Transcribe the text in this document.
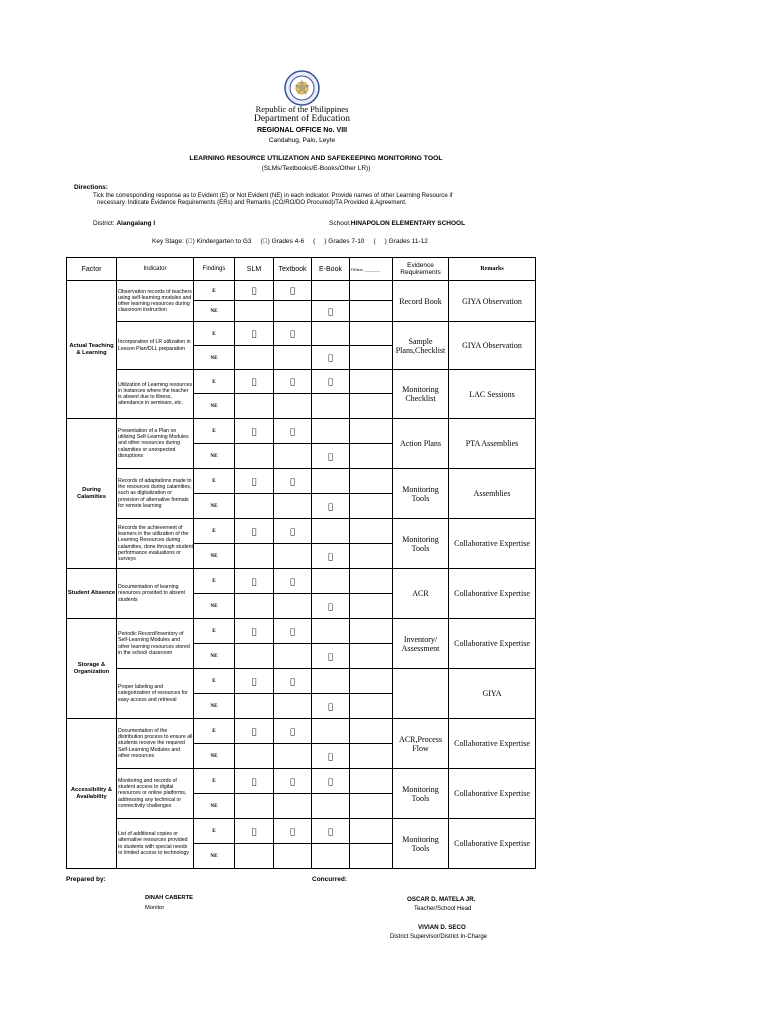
Republic of the Philippines
Department of Education
REGIONAL OFFICE No. VIII
Candahug, Palo, Leyte
LEARNING RESOURCE UTILIZATION AND SAFEKEEPING MONITORING TOOL
(SLMs/Textbooks/E-Books/Other LR))
Directions:
Tick the corresponding response as to Evident (E) or Not Evident (NE) in each indicator. Provide names of other Learning Resource if
necessary. Indicate Evidence Requirements (ERs) and Remarks (CO/RO/DO Procured)/TA Provided & Agreement.
District: Alangalang I	School:HINAPOLON ELEMENTARY SCHOOL
Key Stage: ( ) Kindergarten to G3     ( ) Grades 4-6     (     ) Grades 7-10     (     ) Grades 11-12
Factor	Indicator	Findings	SLM	Textbook	E-Book	Others _______	Evidence Requirements	Remarks
Actual Teaching & Learning	Observation records of teachers using self-learning modules and other learning resources during classroom instruction	E	 	 			Record Book	GIYA Observation
		NE			 			
	Incorporation of LR utilization in Lesson Plan/DLL preparation	E	 	 			Sample Plans,Checklist	GIYA Observation
		NE			 			
	Utilization of Learning resources in instances where the teacher is absent due to illness, attendance in seminars, etc.	E	 	 	 		Monitoring Checklist	LAC Sessions
		NE						
During Calamities	Presentation of a Plan on utilizing Self-Learning Modules and other resources during calamities or unexpected disruptions	E	 	 			Action Plans	PTA Assemblies
		NE			 			
	Records of adaptations made to the resources during calamities, such as digitalization or provision of alternative formats for remote learning	E	 	 			Monitoring Tools	Assemblies
		NE			 			
	Records the achievement of learners in the utilization of the Learning Resources during calamities, done through student performance evaluations or surveys	E	 	 			Monitoring Tools	Collaborative Expertise
		NE			 			
Student Absence	Documentation of learning resources provided to absent students	E	 	 			ACR	Collaborative Expertise
		NE			 			
Storage & Organization	Periodic Record/Inventory of Self-Learning Modules and other learning resources stored in the school classroom	E	 	 			Inventory/ Assessment	Collaborative Expertise
		NE			 			
	Proper labeling and categorization of resources for easy access and retrieval	E	 	 				GIYA
		NE			 			
Accessibility & Availability	Documentation of the distribution process to ensure all students receive the required Self-Learning Modules and other resources	E	 	 			ACR,Process Flow	Collaborative Expertise
		NE			 			
	Monitoring and records of student access to digital resources or online platforms, addressing any technical or connectivity challenges	E	 	 	 		Monitoring Tools	Collaborative Expertise
		NE						
	List of additional copies or alternative resources provided to students with special needs or limited access to technology	E	 	 	 		Monitoring Tools	Collaborative Expertise
		NE						
Prepared by:	Concurred:
DINAH CABERTE
Monitor
OSCAR D. MATELA JR.
Teacher/School Head
VIVIAN D. SECO
District Supervisor/District In-Charge
